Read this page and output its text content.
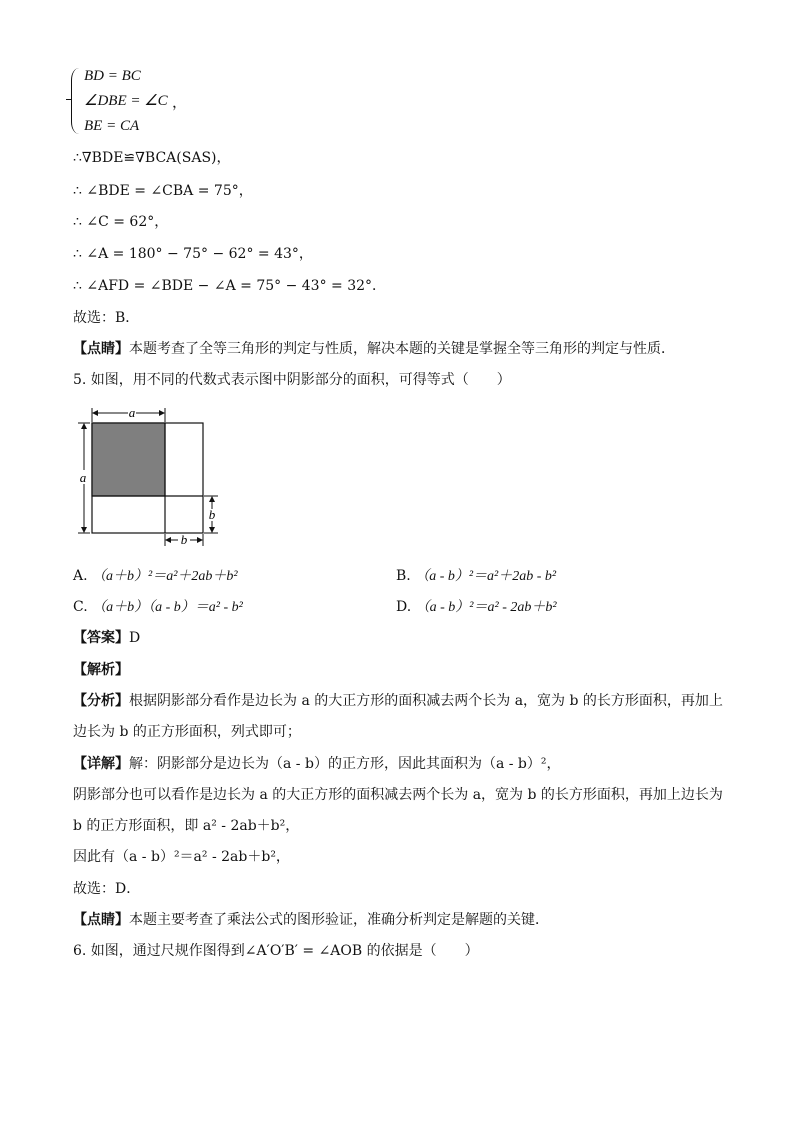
BD = BC
∠DBE = ∠C
BE = CA
，
∴∇BDE≌∇BCA(SAS)，
∴ ∠BDE = ∠CBA = 75°，
∴ ∠C = 62°，
∴ ∠A = 180° − 75° − 62° = 43°，
∴ ∠AFD = ∠BDE − ∠A = 75° − 43° = 32°．
故选：B．
【点睛】本题考查了全等三角形的判定与性质，解决本题的关键是掌握全等三角形的判定与性质．
5. 如图，用不同的代数式表示图中阴影部分的面积，可得等式（　　）
a
a
b
b
A. （a＋b）²＝a²＋2ab＋b²	B. （a - b）²＝a²＋2ab - b²
C. （a＋b）（a - b）＝a² - b²	D. （a - b）²＝a² - 2ab＋b²
【答案】D
【解析】
【分析】根据阴影部分看作是边长为 a 的大正方形的面积减去两个长为 a，宽为 b 的长方形面积，再加上
边长为 b 的正方形面积，列式即可；
【详解】解：阴影部分是边长为（a - b）的正方形，因此其面积为（a - b）²，
阴影部分也可以看作是边长为 a 的大正方形的面积减去两个长为 a，宽为 b 的长方形面积，再加上边长为
b 的正方形面积，即 a² - 2ab＋b²，
因此有（a - b）²＝a² - 2ab＋b²，
故选：D．
【点睛】本题主要考查了乘法公式的图形验证，准确分析判定是解题的关键．
6. 如图，通过尺规作图得到∠A′O′B′ = ∠AOB 的依据是（　　）
